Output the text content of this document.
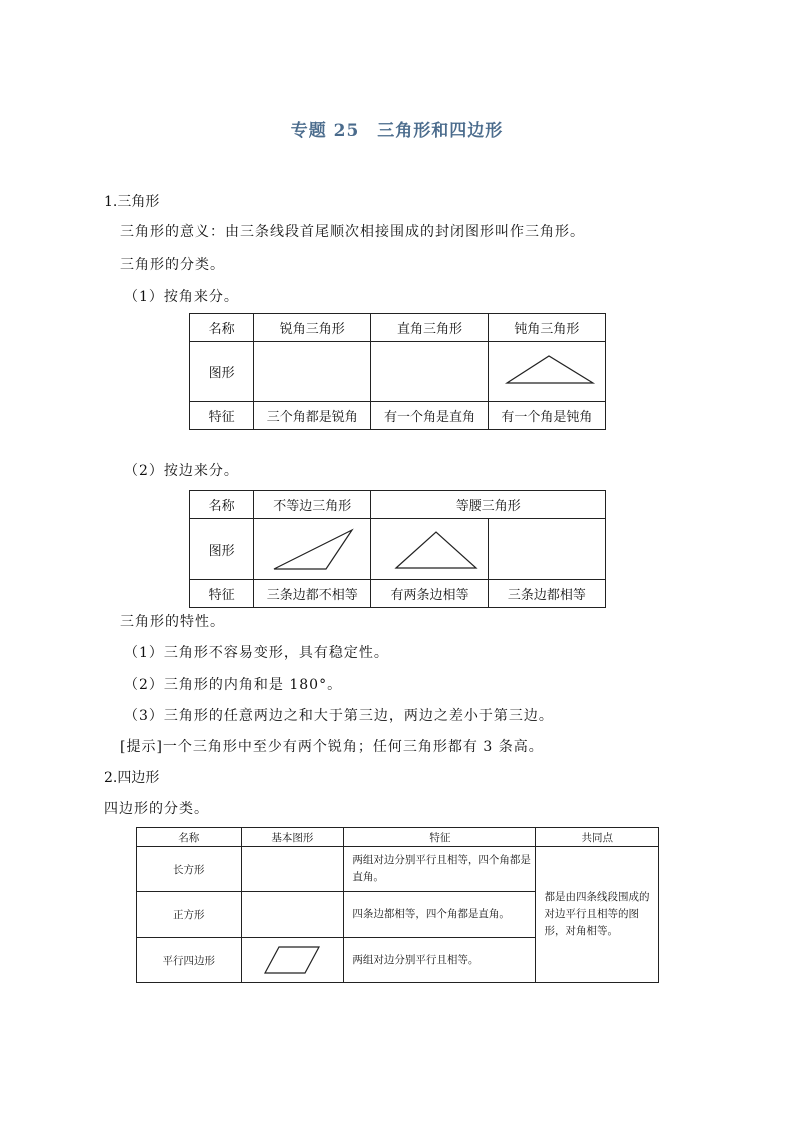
专题 25　三角形和四边形
1.三角形
三角形的意义：由三条线段首尾顺次相接围成的封闭图形叫作三角形。
三角形的分类。
（1）按角来分。
名称	锐角三角形	直角三角形	钝角三角形
图形			

特征	三个角都是锐角	有一个角是直角	有一个角是钝角
（2）按边来分。
名称	不等边三角形	等腰三角形	
图形	

特征	三条边都不相等	有两条边相等	三条边都相等
三角形的特性。
（1）三角形不容易变形，具有稳定性。
（2）三角形的内角和是 180°。
（3）三角形的任意两边之和大于第三边，两边之差小于第三边。
[提示]一个三角形中至少有两个锐角；任何三角形都有 3 条高。
2.四边形
四边形的分类。
名称	基本图形	特征	共同点
长方形		两组对边分别平行且相等，四个角都是直角。	都是由四条线段围成的对边平行且相等的图形，对角相等。
正方形		四条边都相等，四个角都是直角。	
平行四边形		两组对边分别平行且相等。	
